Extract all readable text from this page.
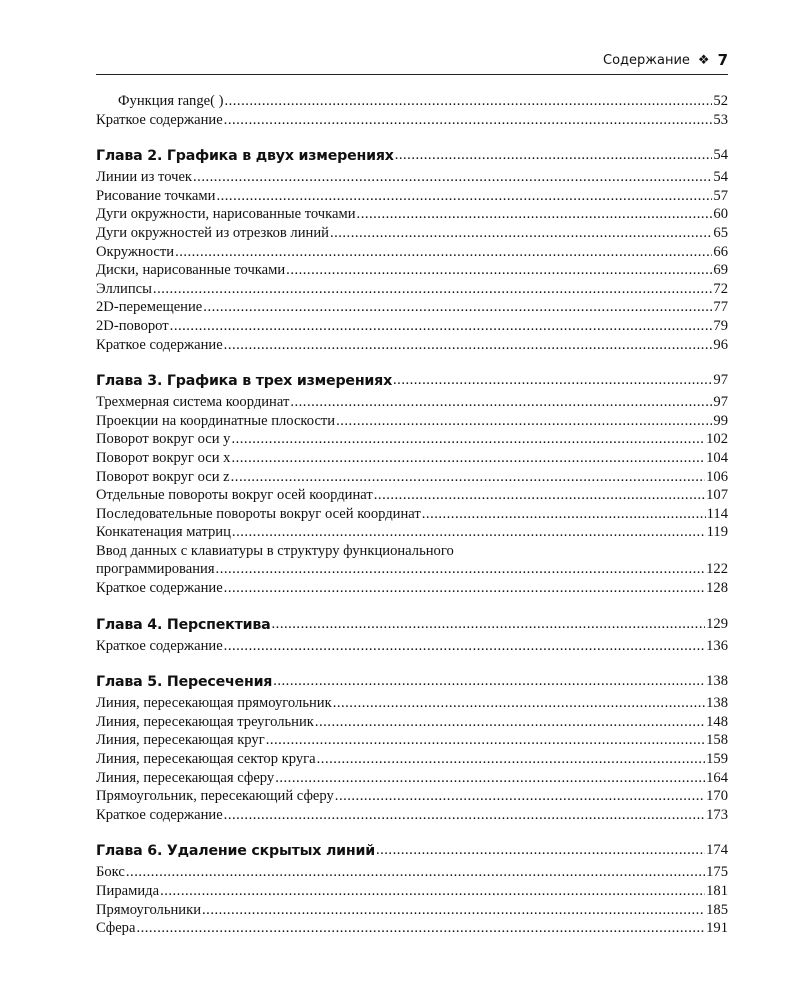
Содержание ❖ 7
Функция range( ) .....	52
Краткое содержание .....	53
Глава 2. Графика в двух измерениях .....	54
Линии из точек .....	54
Рисование точками .....	57
Дуги окружности, нарисованные точками .....	60
Дуги окружностей из отрезков линий .....	65
Окружности .....	66
Диски, нарисованные точками .....	69
Эллипсы .....	72
2D-перемещение .....	77
2D-поворот .....	79
Краткое содержание .....	96
Глава 3. Графика в трех измерениях .....	97
Трехмерная система координат .....	97
Проекции на координатные плоскости .....	99
Поворот вокруг оси y .....	102
Поворот вокруг оси x .....	104
Поворот вокруг оси z .....	106
Отдельные повороты вокруг осей координат .....	107
Последовательные повороты вокруг осей координат .....	114
Конкатенация матриц .....	119
Ввод данных с клавиатуры в структуру функционального
программирования .....	122
Краткое содержание .....	128
Глава 4. Перспектива .....	129
Краткое содержание .....	136
Глава 5. Пересечения .....	138
Линия, пересекающая прямоугольник .....	138
Линия, пересекающая треугольник .....	148
Линия, пересекающая круг .....	158
Линия, пересекающая сектор круга .....	159
Линия, пересекающая сферу .....	164
Прямоугольник, пересекающий сферу .....	170
Краткое содержание .....	173
Глава 6. Удаление скрытых линий .....	174
Бокс .....	175
Пирамида .....	181
Прямоугольники .....	185
Сфера .....	191
